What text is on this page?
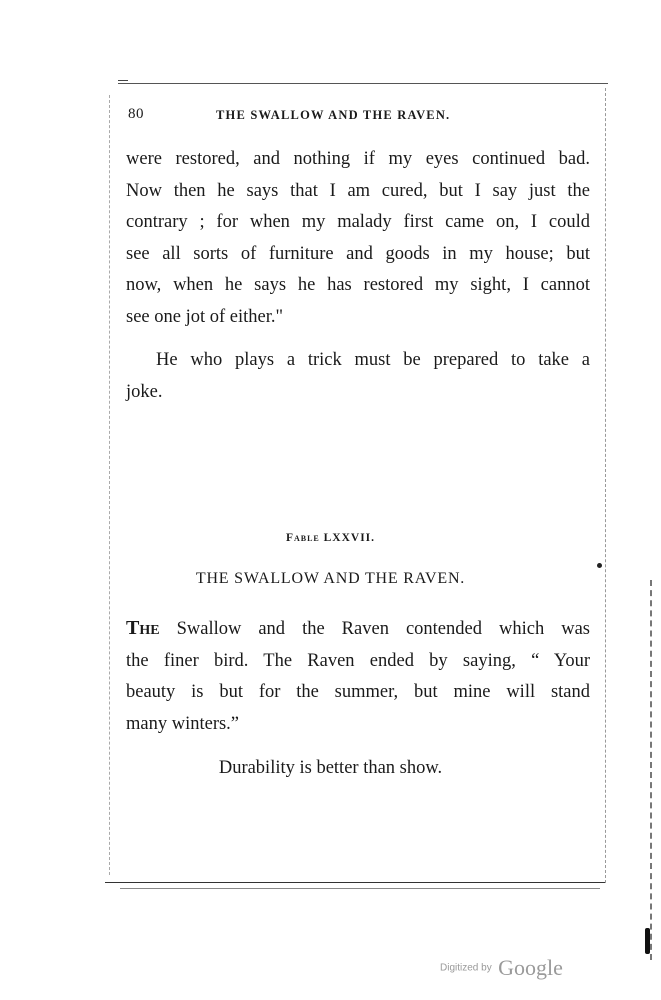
80	THE SWALLOW AND THE RAVEN.
were restored, and nothing if my eyes continued bad.
Now then he says that I am cured, but I say just the
contrary ; for when my malady first came on, I could
see all sorts of furniture and goods in my house; but
now, when he says he has restored my sight, I cannot
see one jot of either."
He who plays a trick must be prepared to take a
joke.
Fable LXXVII.
THE SWALLOW AND THE RAVEN.
The Swallow and the Raven contended which was
the finer bird. The Raven ended by saying, “ Your
beauty is but for the summer, but mine will stand
many winters.”
Durability is better than show.
Digitized by Google
